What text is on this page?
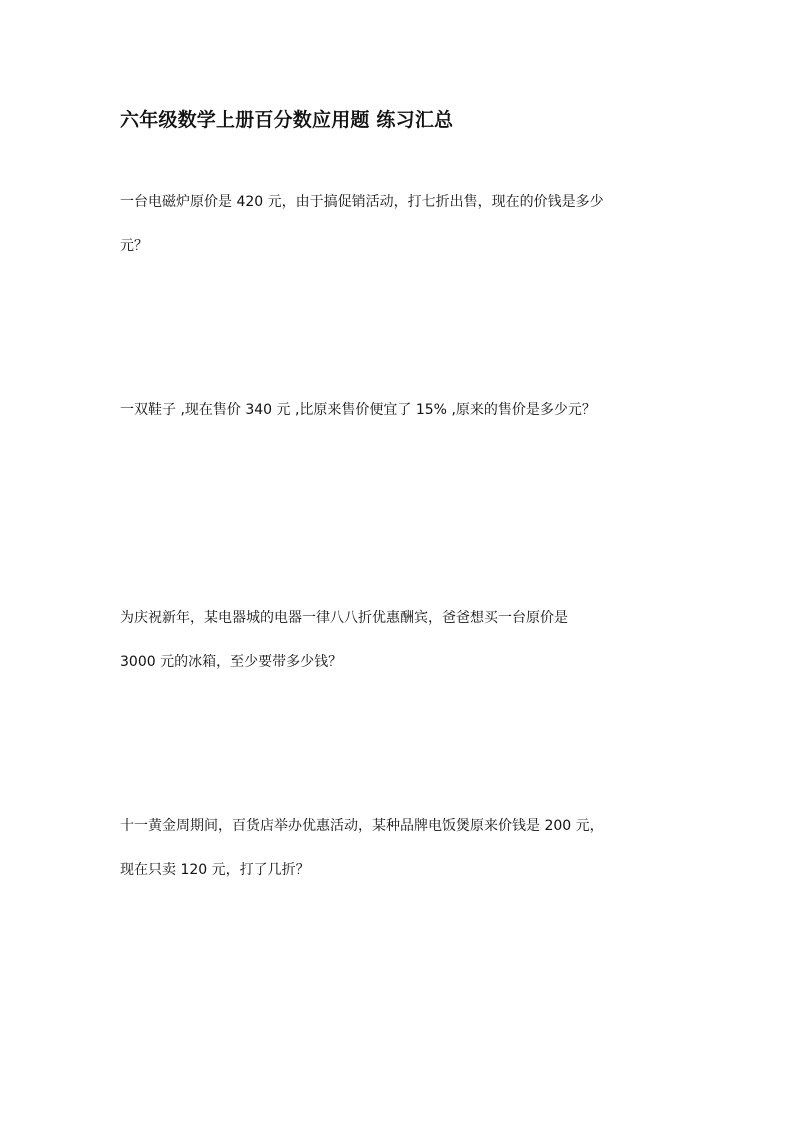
六年级数学上册百分数应用题 练习汇总

一台电磁炉原价是 420 元，由于搞促销活动，打七折出售，现在的价钱是多少

元？

一双鞋子 ,现在售价 340 元 ,比原来售价便宜了 15% ,原来的售价是多少元？

为庆祝新年，某电器城的电器一律八八折优惠酬宾，爸爸想买一台原价是

3000 元的冰箱，至少要带多少钱？

十一黄金周期间，百货店举办优惠活动，某种品牌电饭煲原来价钱是 200 元，

现在只卖 120 元，打了几折？
